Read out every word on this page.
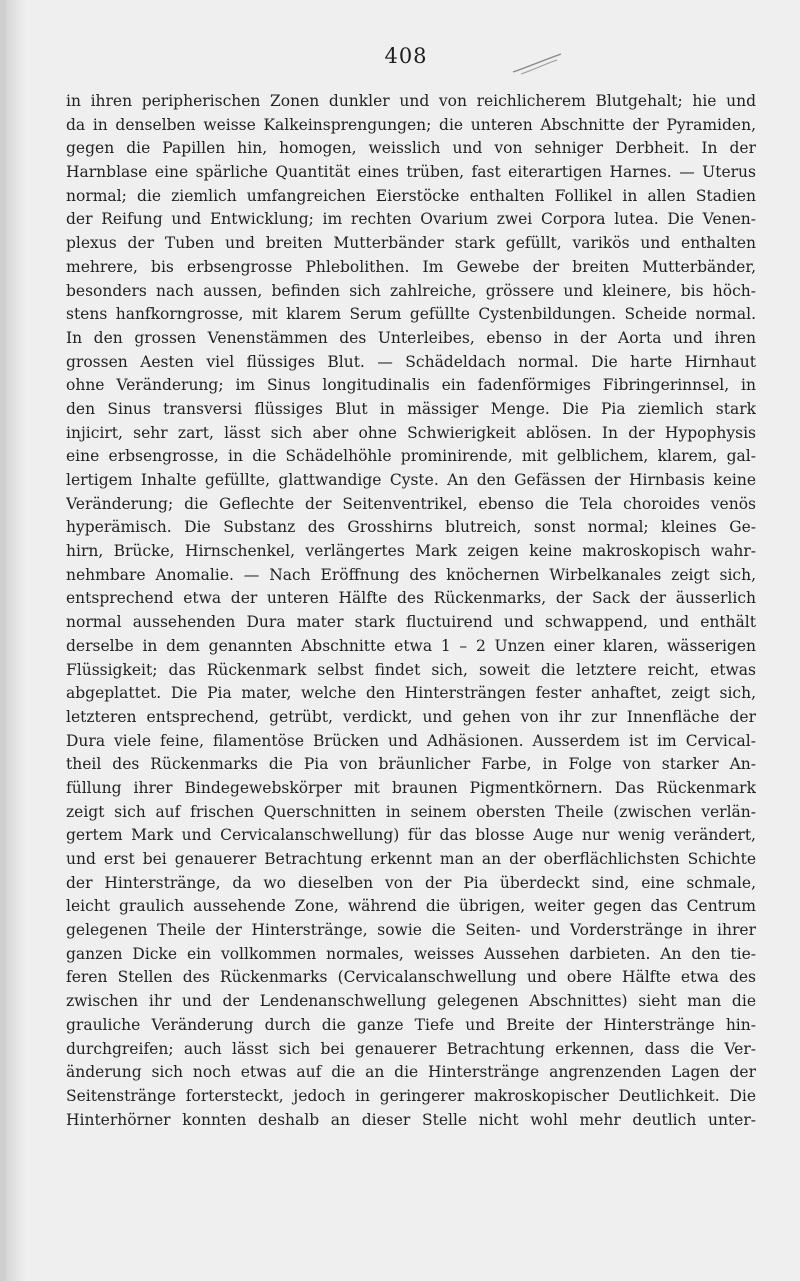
408
in ihren peripherischen Zonen dunkler und von reichlicherem Blutgehalt; hie und
da in denselben weisse Kalkeinsprengungen; die unteren Abschnitte der Pyramiden,
gegen die Papillen hin, homogen, weisslich und von sehniger Derbheit. In der
Harnblase eine spärliche Quantität eines trüben, fast eiterartigen Harnes. — Uterus
normal; die ziemlich umfangreichen Eierstöcke enthalten Follikel in allen Stadien
der Reifung und Entwicklung; im rechten Ovarium zwei Corpora lutea. Die Venen-
plexus der Tuben und breiten Mutterbänder stark gefüllt, varikös und enthalten
mehrere, bis erbsengrosse Phlebolithen. Im Gewebe der breiten Mutterbänder,
besonders nach aussen, befinden sich zahlreiche, grössere und kleinere, bis höch-
stens hanfkorngrosse, mit klarem Serum gefüllte Cystenbildungen. Scheide normal.
In den grossen Venenstämmen des Unterleibes, ebenso in der Aorta und ihren
grossen Aesten viel flüssiges Blut. — Schädeldach normal. Die harte Hirnhaut
ohne Veränderung; im Sinus longitudinalis ein fadenförmiges Fibringerinnsel, in
den Sinus transversi flüssiges Blut in mässiger Menge. Die Pia ziemlich stark
injicirt, sehr zart, lässt sich aber ohne Schwierigkeit ablösen. In der Hypophysis
eine erbsengrosse, in die Schädelhöhle prominirende, mit gelblichem, klarem, gal-
lertigem Inhalte gefüllte, glattwandige Cyste. An den Gefässen der Hirnbasis keine
Veränderung; die Geflechte der Seitenventrikel, ebenso die Tela choroides venös
hyperämisch. Die Substanz des Grosshirns blutreich, sonst normal; kleines Ge-
hirn, Brücke, Hirnschenkel, verlängertes Mark zeigen keine makroskopisch wahr-
nehmbare Anomalie. — Nach Eröffnung des knöchernen Wirbelkanales zeigt sich,
entsprechend etwa der unteren Hälfte des Rückenmarks, der Sack der äusserlich
normal aussehenden Dura mater stark fluctuirend und schwappend, und enthält
derselbe in dem genannten Abschnitte etwa 1 – 2 Unzen einer klaren, wässerigen
Flüssigkeit; das Rückenmark selbst findet sich, soweit die letztere reicht, etwas
abgeplattet. Die Pia mater, welche den Hintersträngen fester anhaftet, zeigt sich,
letzteren entsprechend, getrübt, verdickt, und gehen von ihr zur Innenfläche der
Dura viele feine, filamentöse Brücken und Adhäsionen. Ausserdem ist im Cervical-
theil des Rückenmarks die Pia von bräunlicher Farbe, in Folge von starker An-
füllung ihrer Bindegewebskörper mit braunen Pigmentkörnern. Das Rückenmark
zeigt sich auf frischen Querschnitten in seinem obersten Theile (zwischen verlän-
gertem Mark und Cervicalanschwellung) für das blosse Auge nur wenig verändert,
und erst bei genauerer Betrachtung erkennt man an der oberflächlichsten Schichte
der Hinterstränge, da wo dieselben von der Pia überdeckt sind, eine schmale,
leicht graulich aussehende Zone, während die übrigen, weiter gegen das Centrum
gelegenen Theile der Hinterstränge, sowie die Seiten- und Vorderstränge in ihrer
ganzen Dicke ein vollkommen normales, weisses Aussehen darbieten. An den tie-
feren Stellen des Rückenmarks (Cervicalanschwellung und obere Hälfte etwa des
zwischen ihr und der Lendenanschwellung gelegenen Abschnittes) sieht man die
grauliche Veränderung durch die ganze Tiefe und Breite der Hinterstränge hin-
durchgreifen; auch lässt sich bei genauerer Betrachtung erkennen, dass die Ver-
änderung sich noch etwas auf die an die Hinterstränge angrenzenden Lagen der
Seitenstränge fortersteckt, jedoch in geringerer makroskopischer Deutlichkeit. Die
Hinterhörner konnten deshalb an dieser Stelle nicht wohl mehr deutlich unter-
